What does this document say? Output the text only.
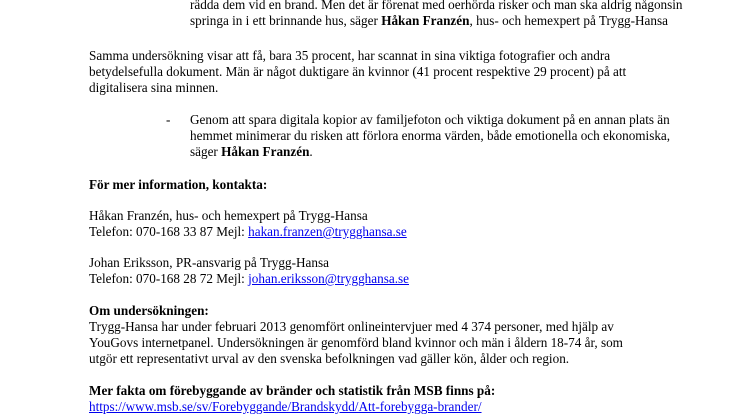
rädda dem vid en brand. Men det är förenat med oerhörda risker och man ska aldrig någonsin
springa in i ett brinnande hus, säger Håkan Franzén, hus- och hemexpert på Trygg-Hansa
Samma undersökning visar att få, bara 35 procent, har scannat in sina viktiga fotografier och andra
betydelsefulla dokument. Män är något duktigare än kvinnor (41 procent respektive 29 procent) på att
digitalisera sina minnen.
- Genom att spara digitala kopior av familjefoton och viktiga dokument på en annan plats än
hemmet minimerar du risken att förlora enorma värden, både emotionella och ekonomiska,
säger Håkan Franzén.
För mer information, kontakta:
Håkan Franzén, hus- och hemexpert på Trygg-Hansa
Telefon: 070-168 33 87 Mejl: hakan.franzen@trygghansa.se
Johan Eriksson, PR-ansvarig på Trygg-Hansa
Telefon: 070-168 28 72 Mejl: johan.eriksson@trygghansa.se
Om undersökningen:
Trygg-Hansa har under februari 2013 genomfört onlineintervjuer med 4 374 personer, med hjälp av
YouGovs internetpanel. Undersökningen är genomförd bland kvinnor och män i åldern 18-74 år, som
utgör ett representativt urval av den svenska befolkningen vad gäller kön, ålder och region.
Mer fakta om förebyggande av bränder och statistik från MSB finns på:
https://www.msb.se/sv/Forebyggande/Brandskydd/Att-forebygga-brander/
